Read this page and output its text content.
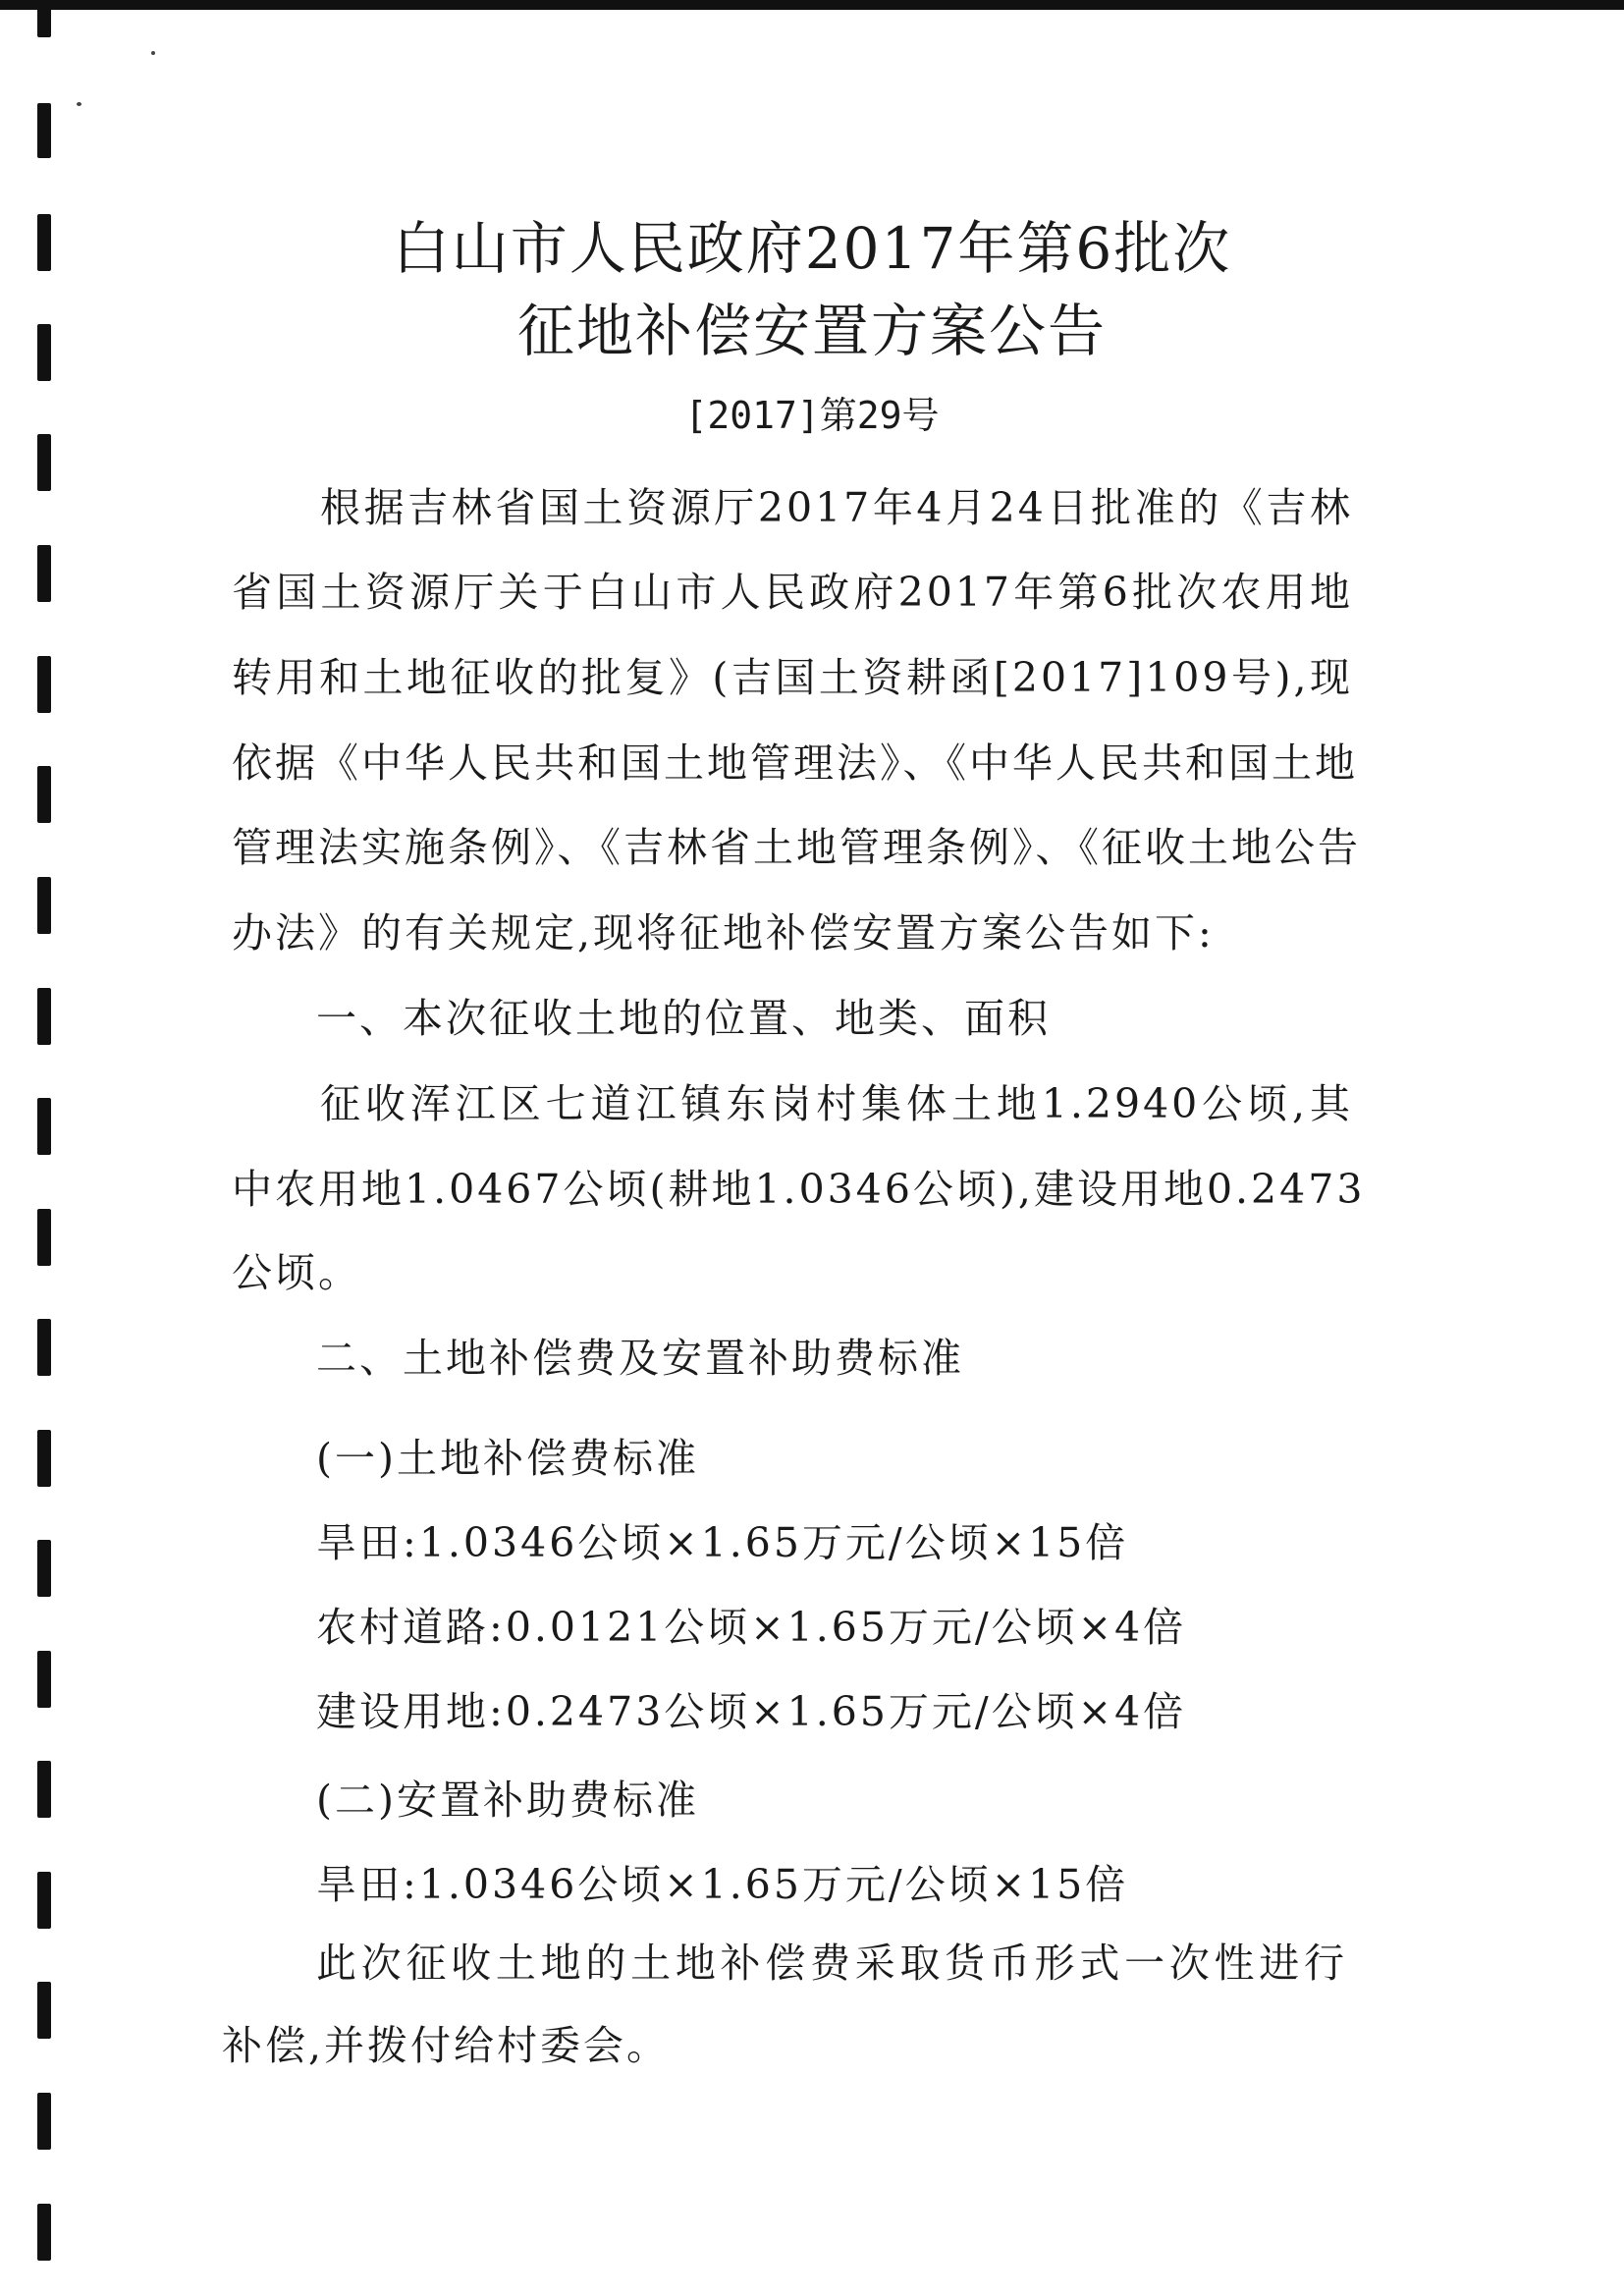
白山市人民政府2017年第6批次
征地补偿安置方案公告

[2017]第29号

根据吉林省国土资源厅2017年4月24日批准的《吉林

省国土资源厅关于白山市人民政府2017年第6批次农用地

转用和土地征收的批复》(吉国土资耕函[2017]109号),现

依据《中华人民共和国土地管理法》、《中华人民共和国土地

管理法实施条例》、《吉林省土地管理条例》、《征收土地公告

办法》的有关规定,现将征地补偿安置方案公告如下:

一、本次征收土地的位置、地类、面积

征收浑江区七道江镇东岗村集体土地1.2940公顷,其

中农用地1.0467公顷(耕地1.0346公顷),建设用地0.2473

公顷。

二、土地补偿费及安置补助费标准

(一)土地补偿费标准

旱田:1.0346公顷×1.65万元/公顷×15倍

农村道路:0.0121公顷×1.65万元/公顷×4倍

建设用地:0.2473公顷×1.65万元/公顷×4倍

(二)安置补助费标准

旱田:1.0346公顷×1.65万元/公顷×15倍

此次征收土地的土地补偿费采取货币形式一次性进行

补偿,并拨付给村委会。
